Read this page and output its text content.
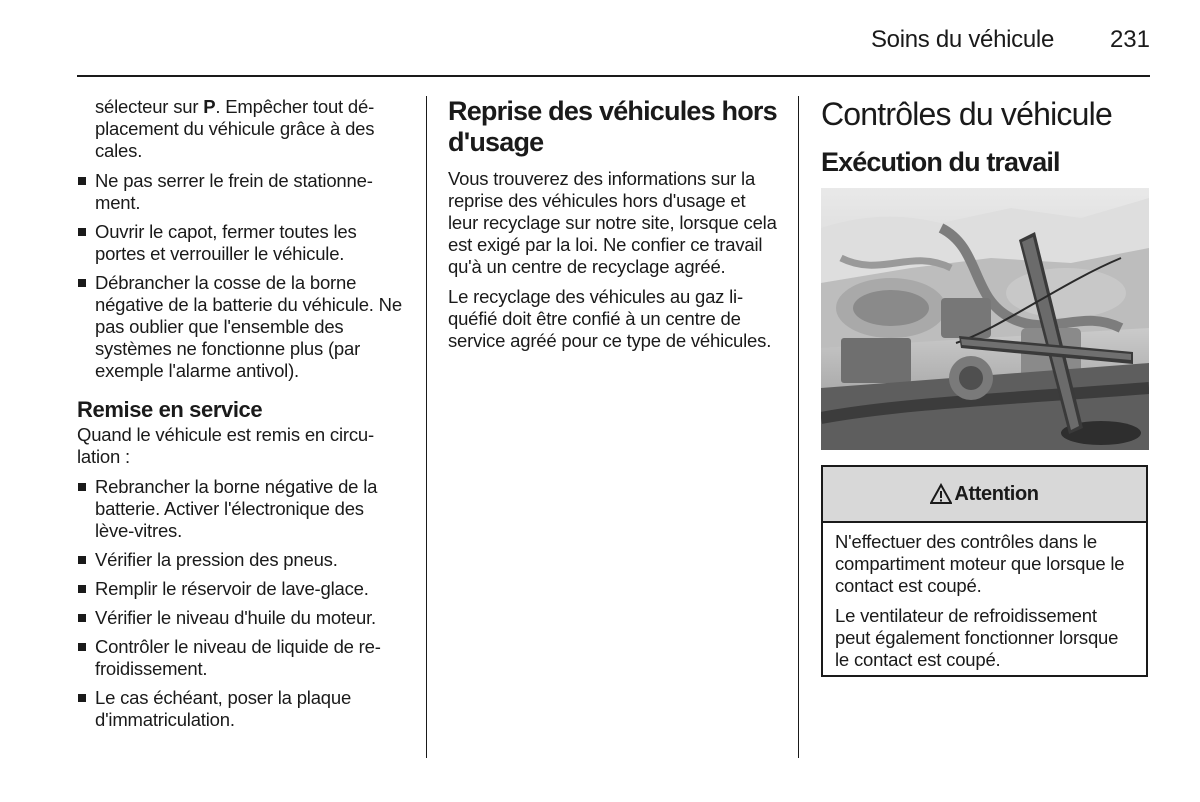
Soins du véhicule 231
sélecteur sur P. Empêcher tout déplacement du véhicule grâce à des cales.
Ne pas serrer le frein de stationnement.
Ouvrir le capot, fermer toutes les portes et verrouiller le véhicule.
Débrancher la cosse de la borne négative de la batterie du véhicule. Ne pas oublier que l'ensemble des systèmes ne fonctionne plus (par exemple l'alarme antivol).
Remise en service
Quand le véhicule est remis en circulation :
Rebrancher la borne négative de la batterie. Activer l'électronique des lève-vitres.
Vérifier la pression des pneus.
Remplir le réservoir de lave-glace.
Vérifier le niveau d'huile du moteur.
Contrôler le niveau de liquide de refroidissement.
Le cas échéant, poser la plaque d'immatriculation.
Reprise des véhicules hors d'usage
Vous trouverez des informations sur la reprise des véhicules hors d'usage et leur recyclage sur notre site, lorsque cela est exigé par la loi. Ne confier ce travail qu'à un centre de recyclage agréé.
Le recyclage des véhicules au gaz liquéfié doit être confié à un centre de service agréé pour ce type de véhicules.
Contrôles du véhicule
Exécution du travail
Attention
N'effectuer des contrôles dans le compartiment moteur que lorsque le contact est coupé.
Le ventilateur de refroidissement peut également fonctionner lorsque le contact est coupé.
